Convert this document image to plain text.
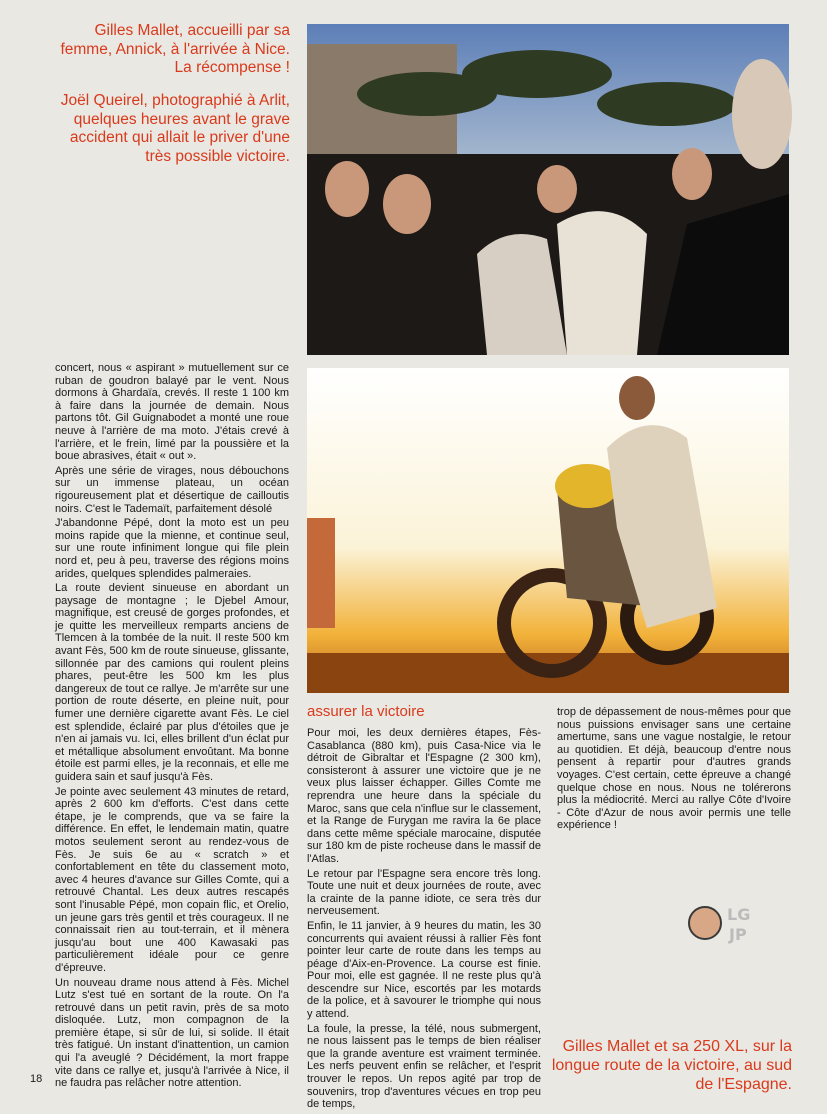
Gilles Mallet, accueilli par sa femme, Annick, à l'arrivée à Nice. La récompense !
Joël Queirel, photographié à Arlit, quelques heures avant le grave accident qui allait le priver d'une très possible victoire.
LG
JP

concert, nous « aspirant » mutuellement sur ce ruban de goudron balayé par le vent. Nous dormons à Ghardaïa, crevés. Il reste 1 100 km à faire dans la journée de demain. Nous partons tôt. Gil Guignabodet a monté une roue neuve à l'arrière de ma moto. J'étais crevé à l'arrière, et le frein, limé par la poussière et la boue abrasives, était « out ».

Après une série de virages, nous débouchons sur un immense plateau, un océan rigoureusement plat et désertique de cailloutis noirs. C'est le Tademaït, parfaitement désolé

J'abandonne Pépé, dont la moto est un peu moins rapide que la mienne, et continue seul, sur une route infiniment longue qui file plein nord et, peu à peu, traverse des régions moins arides, quelques splendides palmeraies.

La route devient sinueuse en abordant un paysage de montagne ; le Djebel Amour, magnifique, est creusé de gorges profondes, et je quitte les merveilleux remparts anciens de Tlemcen à la tombée de la nuit. Il reste 500 km avant Fès, 500 km de route sinueuse, glissante, sillonnée par des camions qui roulent pleins phares, peut-être les 500 km les plus dangereux de tout ce rallye. Je m'arrête sur une portion de route déserte, en pleine nuit, pour fumer une dernière cigarette avant Fès. Le ciel est splendide, éclairé par plus d'étoiles que je n'en ai jamais vu. Ici, elles brillent d'un éclat pur et métallique absolument envoûtant. Ma bonne étoile est parmi elles, je la reconnais, et elle me guidera sain et sauf jusqu'à Fès.

Je pointe avec seulement 43 minutes de retard, après 2 600 km d'efforts. C'est dans cette étape, je le comprends, que va se faire la différence. En effet, le lendemain matin, quatre motos seulement seront au rendez-vous de Fès. Je suis 6e au « scratch » et confortablement en tête du classement moto, avec 4 heures d'avance sur Gilles Comte, qui a retrouvé Chantal. Les deux autres rescapés sont l'inusable Pépé, mon copain flic, et Orelio, un jeune gars très gentil et très courageux. Il ne connaissait rien au tout-terrain, et il mènera jusqu'au bout une 400 Kawasaki pas particulièrement idéale pour ce genre d'épreuve.

Un nouveau drame nous attend à Fès. Michel Lutz s'est tué en sortant de la route. On l'a retrouvé dans un petit ravin, près de sa moto disloquée. Lutz, mon compagnon de la première étape, si sûr de lui, si solide. Il était très fatigué. Un instant d'inattention, un camion qui l'a aveuglé ? Décidément, la mort frappe vite dans ce rallye et, jusqu'à l'arrivée à Nice, il ne faudra pas relâcher notre attention.

assurer la victoire

Pour moi, les deux dernières étapes, Fès-Casablanca (880 km), puis Casa-Nice via le détroit de Gibraltar et l'Espagne (2 300 km), consisteront à assurer une victoire que je ne veux plus laisser échapper. Gilles Comte me reprendra une heure dans la spéciale du Maroc, sans que cela n'influe sur le classement, et la Range de Furygan me ravira la 6e place dans cette même spéciale marocaine, disputée sur 180 km de piste rocheuse dans le massif de l'Atlas.

Le retour par l'Espagne sera encore très long. Toute une nuit et deux journées de route, avec la crainte de la panne idiote, ce sera très dur nerveusement.

Enfin, le 11 janvier, à 9 heures du matin, les 30 concurrents qui avaient réussi à rallier Fès font pointer leur carte de route dans les temps au péage d'Aix-en-Provence. La course est finie. Pour moi, elle est gagnée. Il ne reste plus qu'à descendre sur Nice, escortés par les motards de la police, et à savourer le triomphe qui nous y attend.

La foule, la presse, la télé, nous submergent, ne nous laissent pas le temps de bien réaliser que la grande aventure est vraiment terminée. Les nerfs peuvent enfin se relâcher, et l'esprit trouver le repos. Un repos agité par trop de souvenirs, trop d'aventures vécues en trop peu de temps,

trop de dépassement de nous-mêmes pour que nous puissions envisager sans une certaine amertume, sans une vague nostalgie, le retour au quotidien. Et déjà, beaucoup d'entre nous pensent à repartir pour d'autres grands voyages. C'est certain, cette épreuve a changé quelque chose en nous. Nous ne tolérerons plus la médiocrité. Merci au rallye Côte d'Ivoire - Côte d'Azur de nous avoir permis une telle expérience !

Gilles Mallet et sa 250 XL, sur la longue route de la victoire, au sud de l'Espagne.
18
